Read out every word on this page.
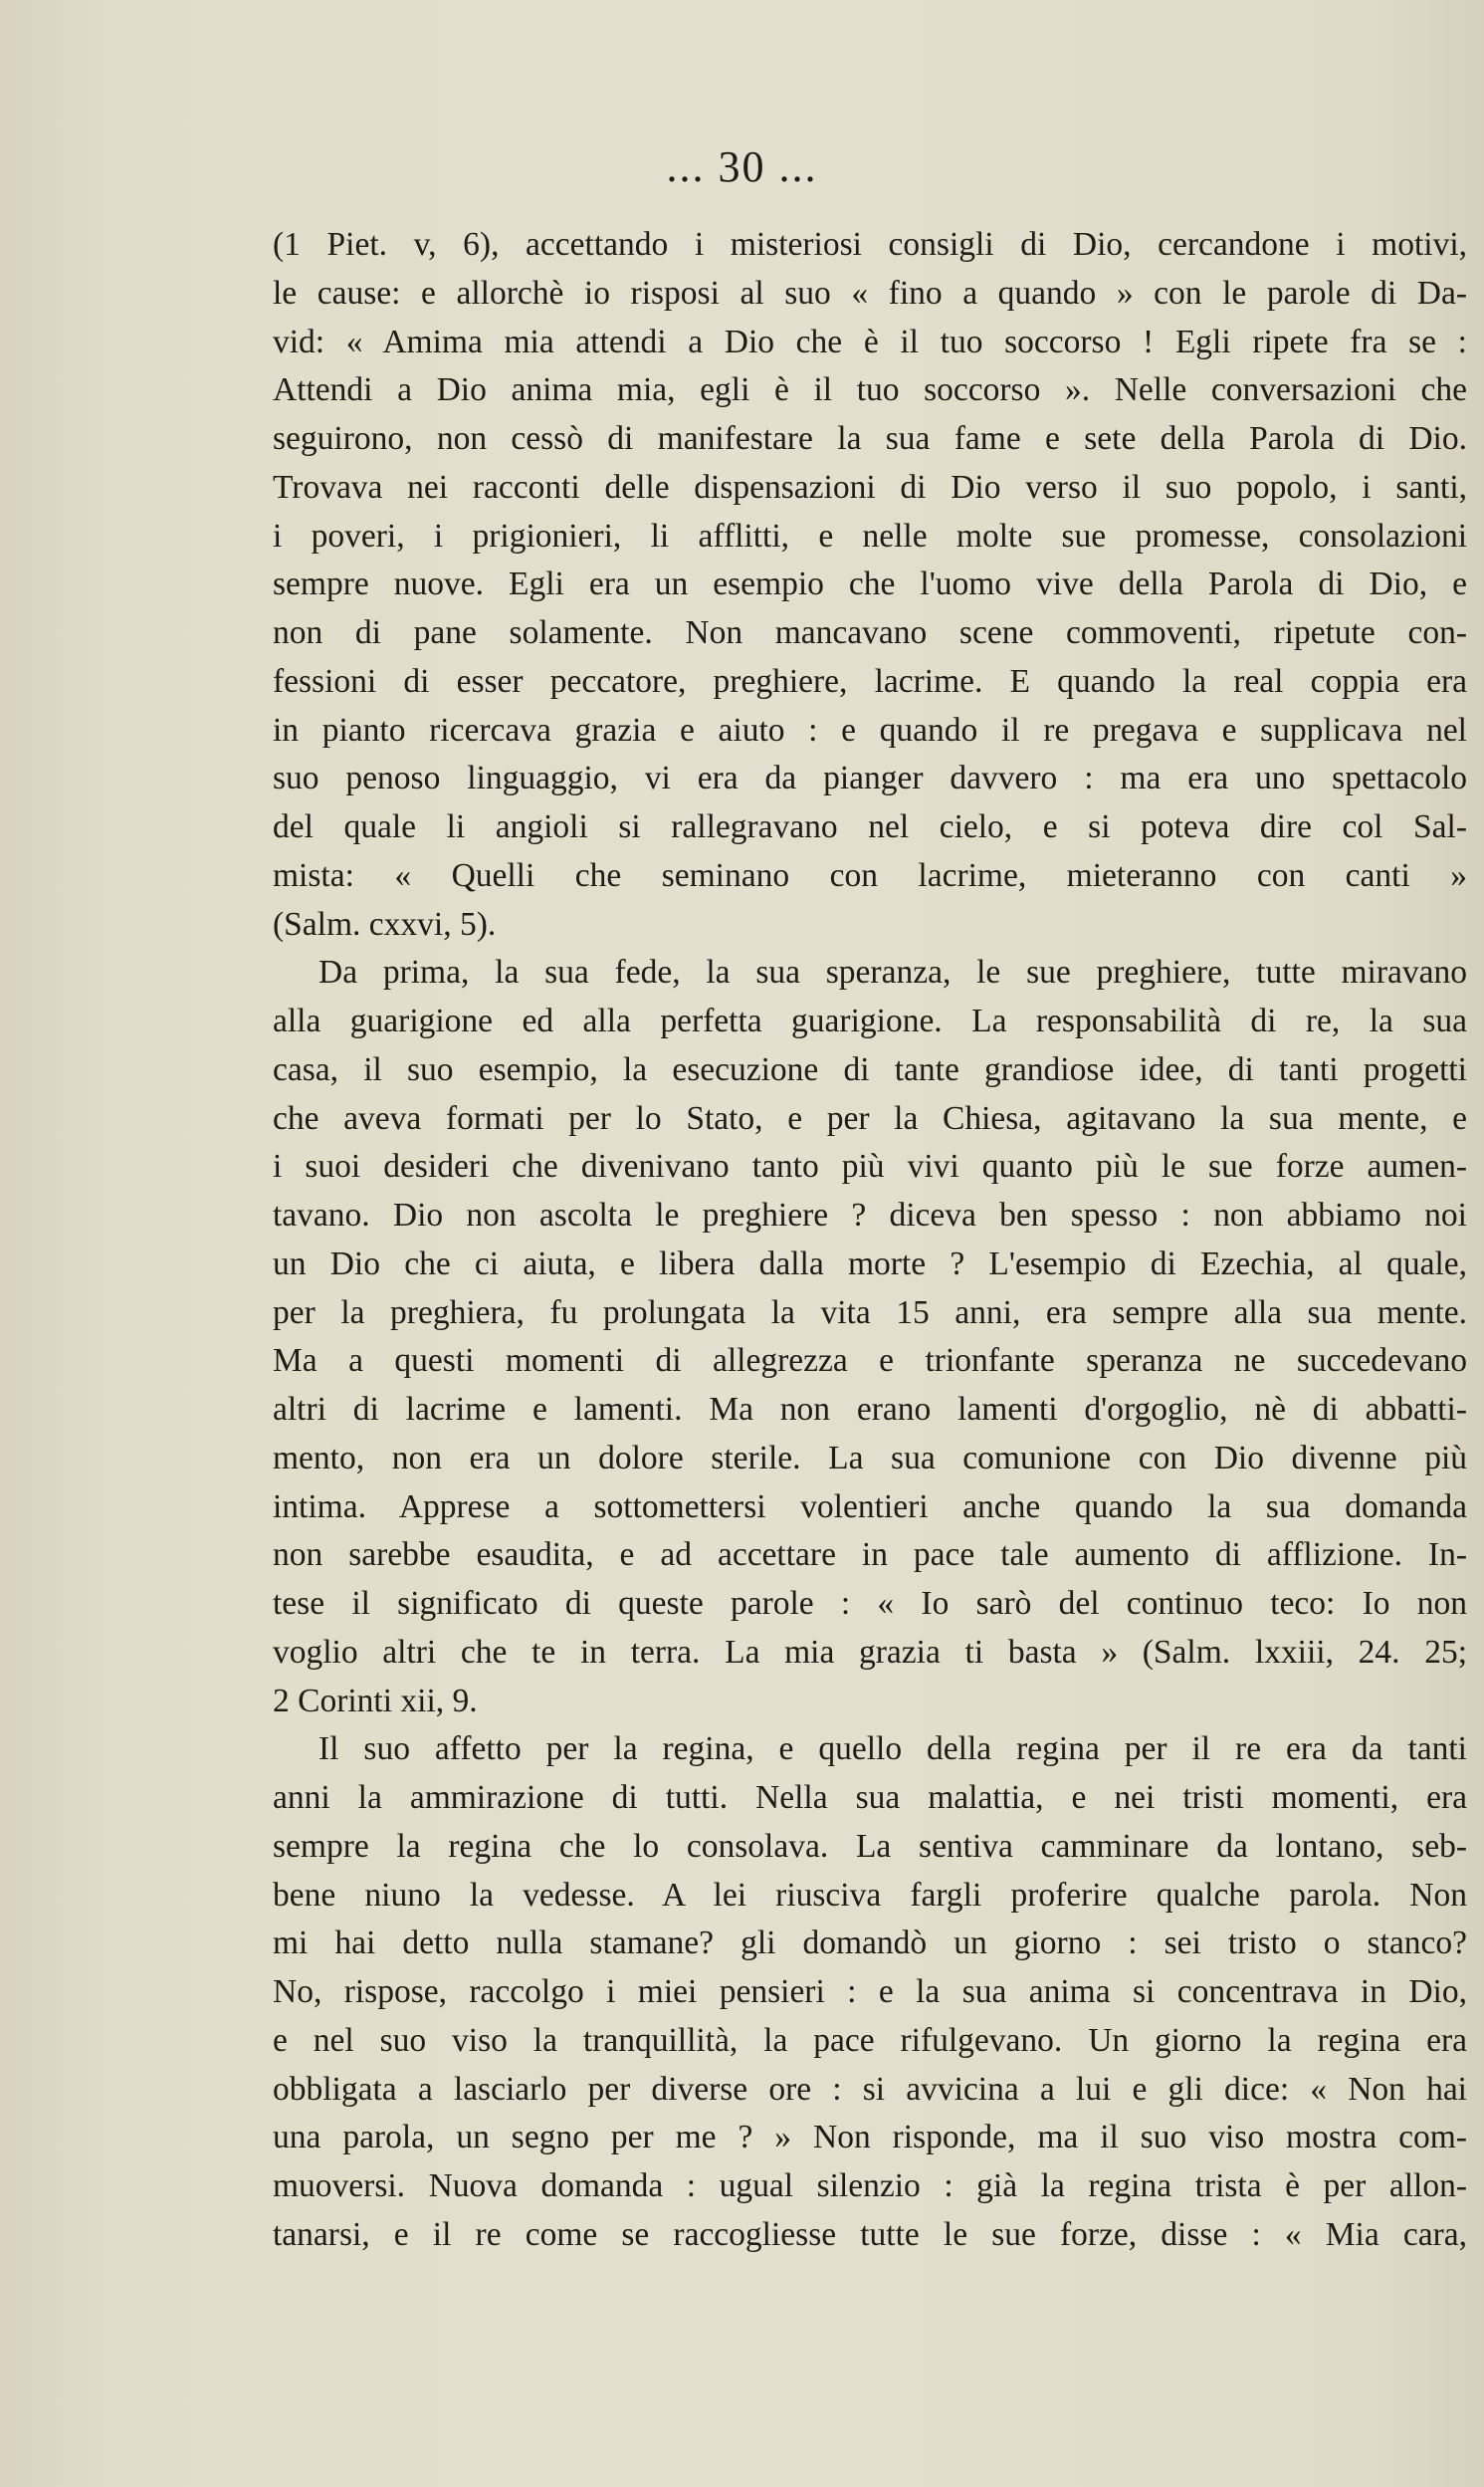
... 30 ...
(1 Piet. v, 6), accettando i misteriosi consigli di Dio, cercandone i motivi,
le cause: e allorchè io risposi al suo « fino a quando » con le parole di Da-
vid: « Amima mia attendi a Dio che è il tuo soccorso ! Egli ripete fra se :
Attendi a Dio anima mia, egli è il tuo soccorso ». Nelle conversazioni che
seguirono, non cessò di manifestare la sua fame e sete della Parola di Dio.
Trovava nei racconti delle dispensazioni di Dio verso il suo popolo, i santi,
i poveri, i prigionieri, li afflitti, e nelle molte sue promesse, consolazioni
sempre nuove. Egli era un esempio che l'uomo vive della Parola di Dio, e
non di pane solamente. Non mancavano scene commoventi, ripetute con-
fessioni di esser peccatore, preghiere, lacrime. E quando la real coppia era
in pianto ricercava grazia e aiuto : e quando il re pregava e supplicava nel
suo penoso linguaggio, vi era da pianger davvero : ma era uno spettacolo
del quale li angioli si rallegravano nel cielo, e si poteva dire col Sal-
mista: « Quelli che seminano con lacrime, mieteranno con canti »
(Salm. cxxvi, 5).
Da prima, la sua fede, la sua speranza, le sue preghiere, tutte miravano
alla guarigione ed alla perfetta guarigione. La responsabilità di re, la sua
casa, il suo esempio, la esecuzione di tante grandiose idee, di tanti progetti
che aveva formati per lo Stato, e per la Chiesa, agitavano la sua mente, e
i suoi desideri che divenivano tanto più vivi quanto più le sue forze aumen-
tavano. Dio non ascolta le preghiere ? diceva ben spesso : non abbiamo noi
un Dio che ci aiuta, e libera dalla morte ? L'esempio di Ezechia, al quale,
per la preghiera, fu prolungata la vita 15 anni, era sempre alla sua mente.
Ma a questi momenti di allegrezza e trionfante speranza ne succedevano
altri di lacrime e lamenti. Ma non erano lamenti d'orgoglio, nè di abbatti-
mento, non era un dolore sterile. La sua comunione con Dio divenne più
intima. Apprese a sottomettersi volentieri anche quando la sua domanda
non sarebbe esaudita, e ad accettare in pace tale aumento di afflizione. In-
tese il significato di queste parole : « Io sarò del continuo teco: Io non
voglio altri che te in terra. La mia grazia ti basta » (Salm. lxxiii, 24. 25;
2 Corinti xii, 9.
Il suo affetto per la regina, e quello della regina per il re era da tanti
anni la ammirazione di tutti. Nella sua malattia, e nei tristi momenti, era
sempre la regina che lo consolava. La sentiva camminare da lontano, seb-
bene niuno la vedesse. A lei riusciva fargli proferire qualche parola. Non
mi hai detto nulla stamane? gli domandò un giorno : sei tristo o stanco?
No, rispose, raccolgo i miei pensieri : e la sua anima si concentrava in Dio,
e nel suo viso la tranquillità, la pace rifulgevano. Un giorno la regina era
obbligata a lasciarlo per diverse ore : si avvicina a lui e gli dice: « Non hai
una parola, un segno per me ? » Non risponde, ma il suo viso mostra com-
muoversi. Nuova domanda : ugual silenzio : già la regina trista è per allon-
tanarsi, e il re come se raccogliesse tutte le sue forze, disse : « Mia cara,
